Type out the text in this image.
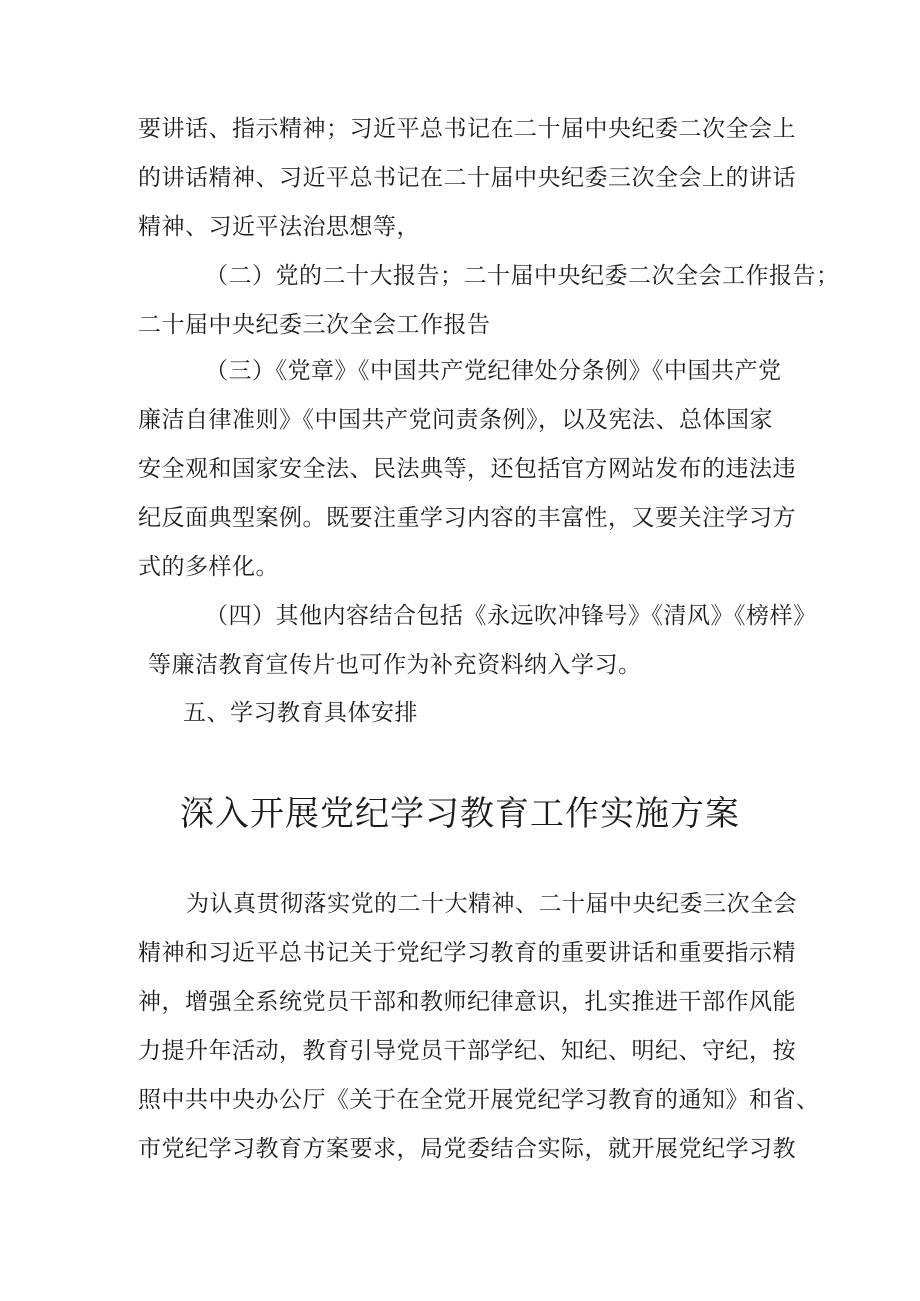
要讲话、指示精神；习近平总书记在二十届中央纪委二次全会上
的讲话精神、习近平总书记在二十届中央纪委三次全会上的讲话
精神、习近平法治思想等，
（二）党的二十大报告；二十届中央纪委二次全会工作报告；
二十届中央纪委三次全会工作报告
（三）《党章》《中国共产党纪律处分条例》《中国共产党
廉洁自律准则》《中国共产党问责条例》，以及宪法、总体国家
安全观和国家安全法、民法典等，还包括官方网站发布的违法违
纪反面典型案例。既要注重学习内容的丰富性，又要关注学习方
式的多样化。
（四）其他内容结合包括《永远吹冲锋号》《清风》《榜样》
等廉洁教育宣传片也可作为补充资料纳入学习。
五、学习教育具体安排
深入开展党纪学习教育工作实施方案
为认真贯彻落实党的二十大精神、二十届中央纪委三次全会
精神和习近平总书记关于党纪学习教育的重要讲话和重要指示精
神，增强全系统党员干部和教师纪律意识，扎实推进干部作风能
力提升年活动，教育引导党员干部学纪、知纪、明纪、守纪，按
照中共中央办公厅《关于在全党开展党纪学习教育的通知》和省、
市党纪学习教育方案要求，局党委结合实际，就开展党纪学习教
